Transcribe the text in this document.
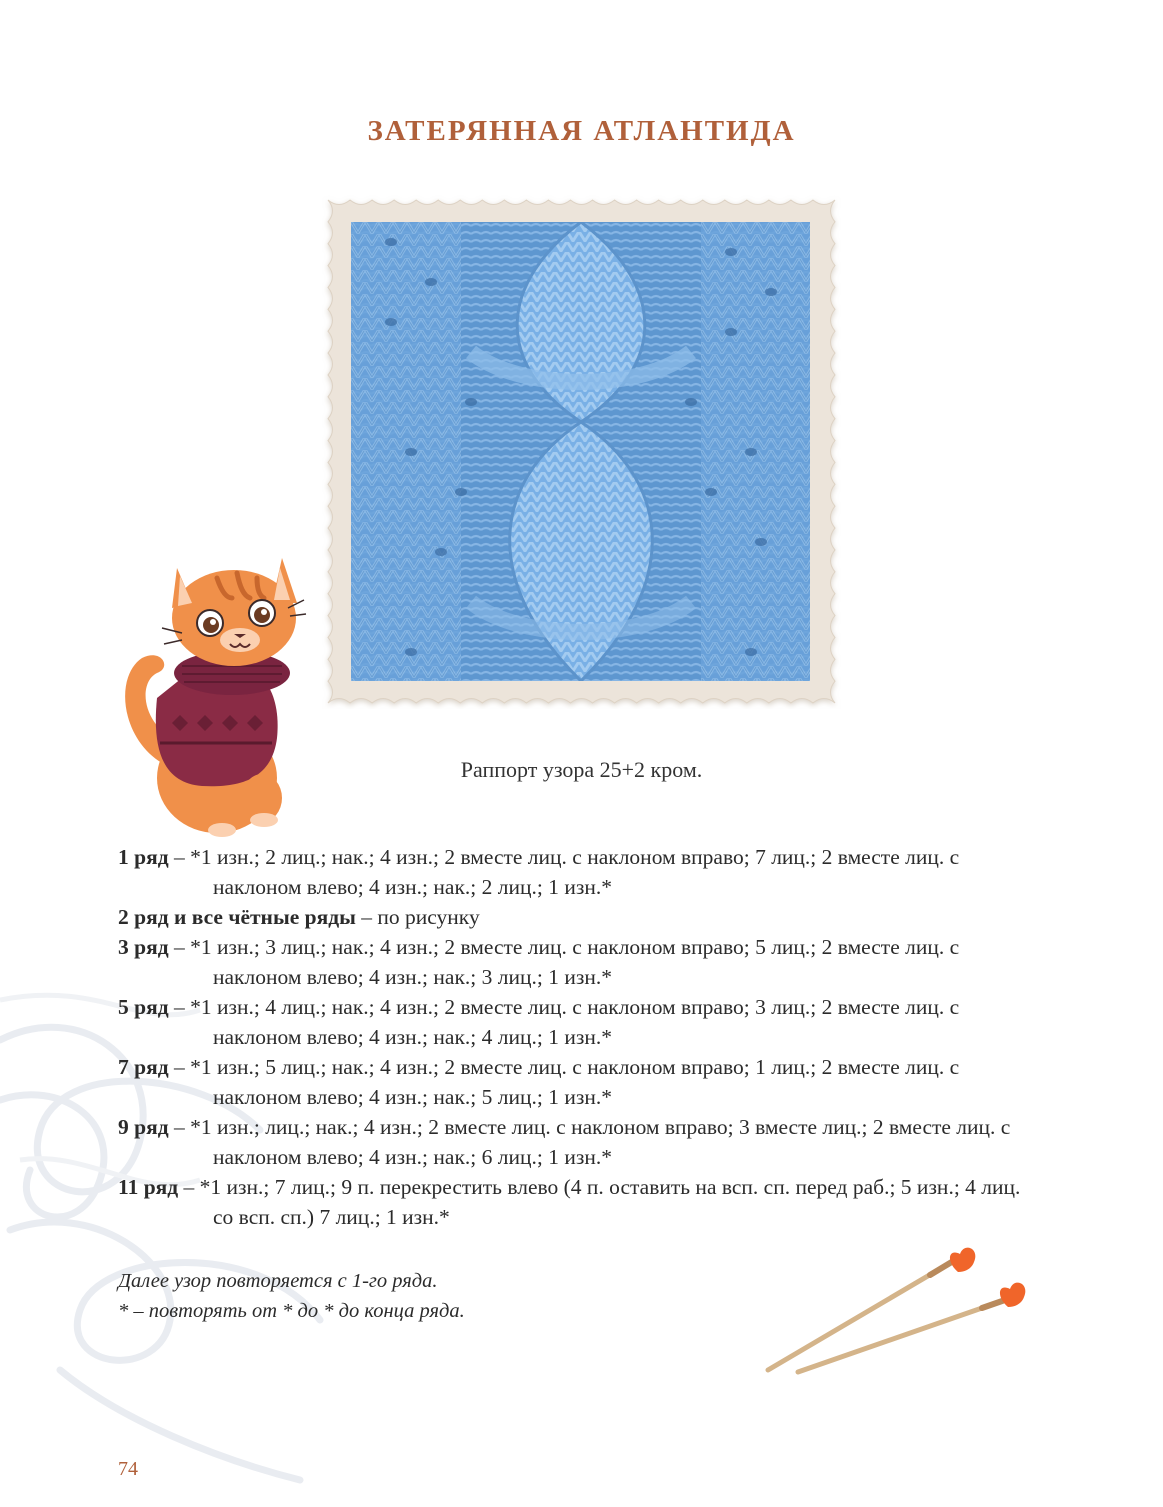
ЗАТЕРЯННАЯ АТЛАНТИДА
Раппорт узора 25+2 кром.

1 ряд – *1 изн.; 2 лиц.; нак.; 4 изн.; 2 вместе лиц. с наклоном вправо; 7 лиц.; 2 вместе лиц. с наклоном влево; 4 изн.; нак.; 2 лиц.; 1 изн.*

2 ряд и все чётные ряды – по рисунку

3 ряд – *1 изн.; 3 лиц.; нак.; 4 изн.; 2 вместе лиц. с наклоном вправо; 5 лиц.; 2 вместе лиц. с наклоном влево; 4 изн.; нак.; 3 лиц.; 1 изн.*

5 ряд – *1 изн.; 4 лиц.; нак.; 4 изн.; 2 вместе лиц. с наклоном вправо; 3 лиц.; 2 вместе лиц. с наклоном влево; 4 изн.; нак.; 4 лиц.; 1 изн.*

7 ряд – *1 изн.; 5 лиц.; нак.; 4 изн.; 2 вместе лиц. с наклоном вправо; 1 лиц.; 2 вместе лиц. с наклоном влево; 4 изн.; нак.; 5 лиц.; 1 изн.*

9 ряд – *1 изн.; лиц.; нак.; 4 изн.; 2 вместе лиц. с наклоном вправо; 3 вместе лиц.; 2 вместе лиц. с наклоном влево; 4 изн.; нак.; 6 лиц.; 1 изн.*

11 ряд – *1 изн.; 7 лиц.; 9 п. перекрестить влево (4 п. оставить на всп. сп. перед раб.; 5 изн.; 4 лиц. со всп. сп.) 7 лиц.; 1 изн.*

Далее узор повторяется с 1-го ряда.
* – повторять от * до * до конца ряда.
74
